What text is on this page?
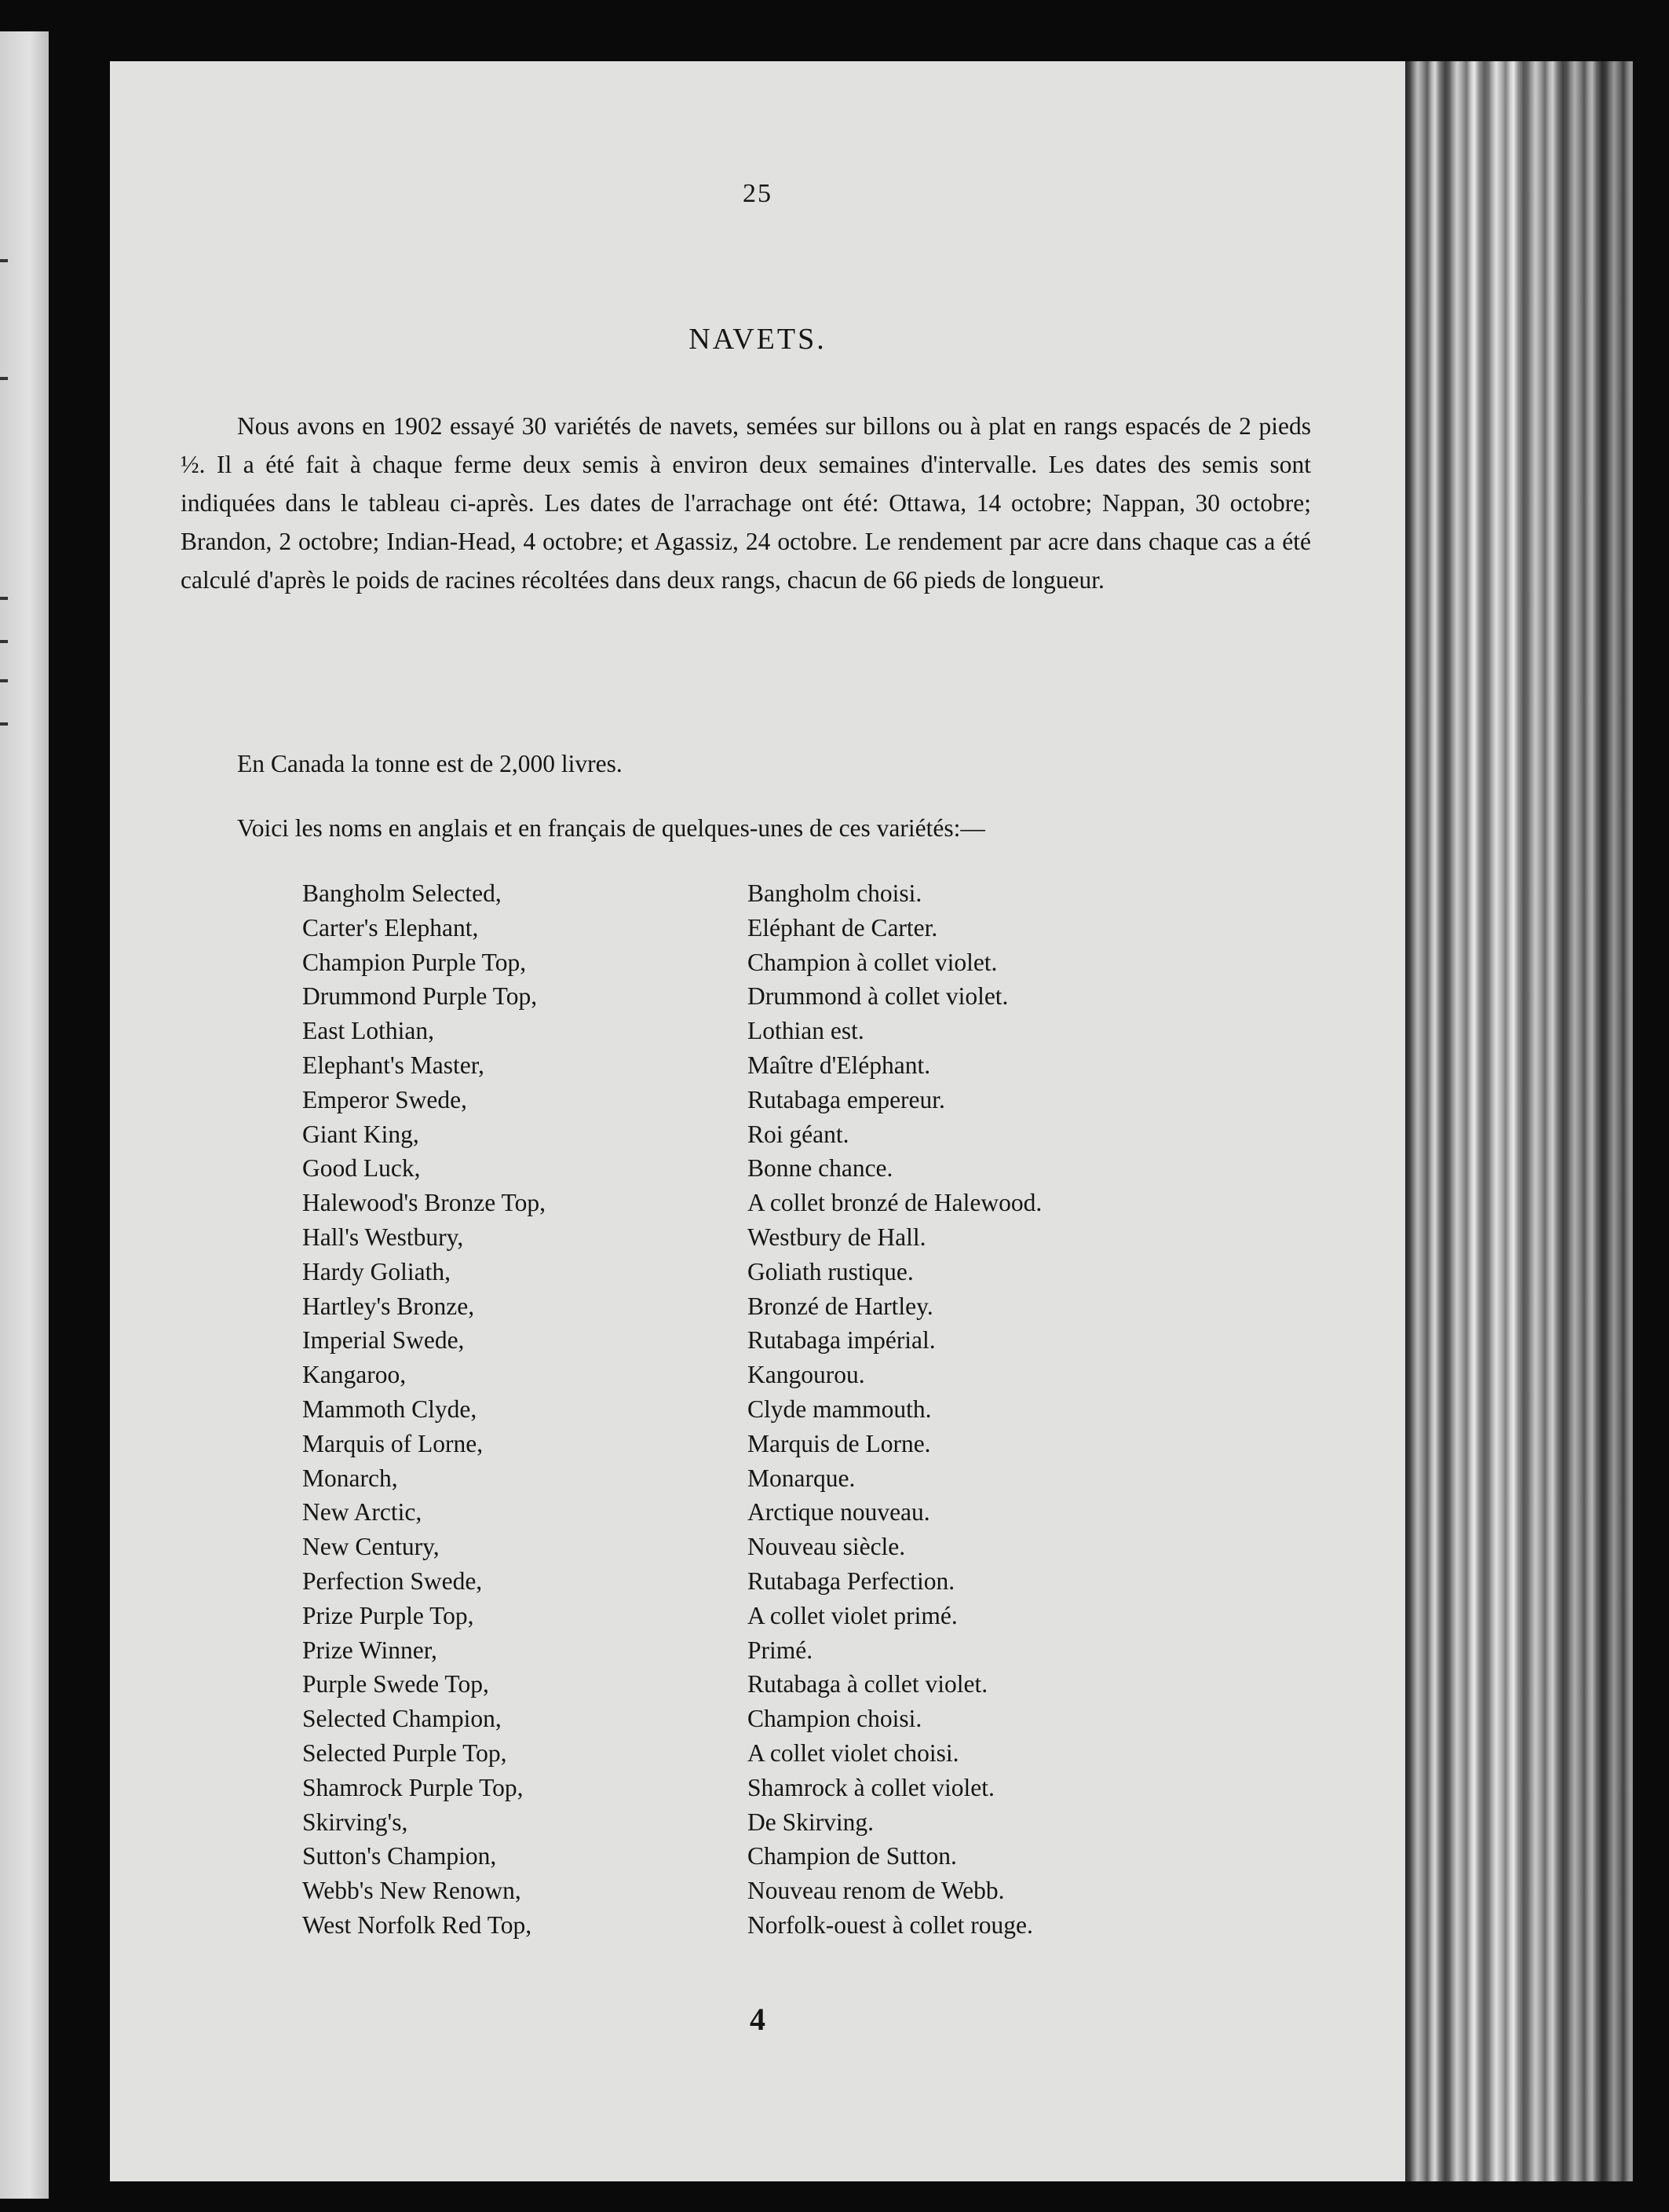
25
NAVETS.

Nous avons en 1902 essayé 30 variétés de navets, semées sur billons ou à plat en rangs espacés de 2 pieds ½. Il a été fait à chaque ferme deux semis à environ deux semaines d'intervalle. Les dates des semis sont indiquées dans le tableau ci-après. Les dates de l'arrachage ont été: Ottawa, 14 octobre; Nappan, 30 octobre; Brandon, 2 octobre; Indian-Head, 4 octobre; et Agassiz, 24 octobre. Le rendement par acre dans chaque cas a été calculé d'après le poids de racines récoltées dans deux rangs, chacun de 66 pieds de longueur.

En Canada la tonne est de 2,000 livres.

Voici les noms en anglais et en français de quelques-unes de ces variétés:—

Bangholm Selected,
Carter's Elephant,
Champion Purple Top,
Drummond Purple Top,
East Lothian,
Elephant's Master,
Emperor Swede,
Giant King,
Good Luck,
Halewood's Bronze Top,
Hall's Westbury,
Hardy Goliath,
Hartley's Bronze,
Imperial Swede,
Kangaroo,
Mammoth Clyde,
Marquis of Lorne,
Monarch,
New Arctic,
New Century,
Perfection Swede,
Prize Purple Top,
Prize Winner,
Purple Swede Top,
Selected Champion,
Selected Purple Top,
Shamrock Purple Top,
Skirving's,
Sutton's Champion,
Webb's New Renown,
West Norfolk Red Top,
Bangholm choisi.
Eléphant de Carter.
Champion à collet violet.
Drummond à collet violet.
Lothian est.
Maître d'Eléphant.
Rutabaga empereur.
Roi géant.
Bonne chance.
A collet bronzé de Halewood.
Westbury de Hall.
Goliath rustique.
Bronzé de Hartley.
Rutabaga impérial.
Kangourou.
Clyde mammouth.
Marquis de Lorne.
Monarque.
Arctique nouveau.
Nouveau siècle.
Rutabaga Perfection.
A collet violet primé.
Primé.
Rutabaga à collet violet.
Champion choisi.
A collet violet choisi.
Shamrock à collet violet.
De Skirving.
Champion de Sutton.
Nouveau renom de Webb.
Norfolk-ouest à collet rouge.
4
